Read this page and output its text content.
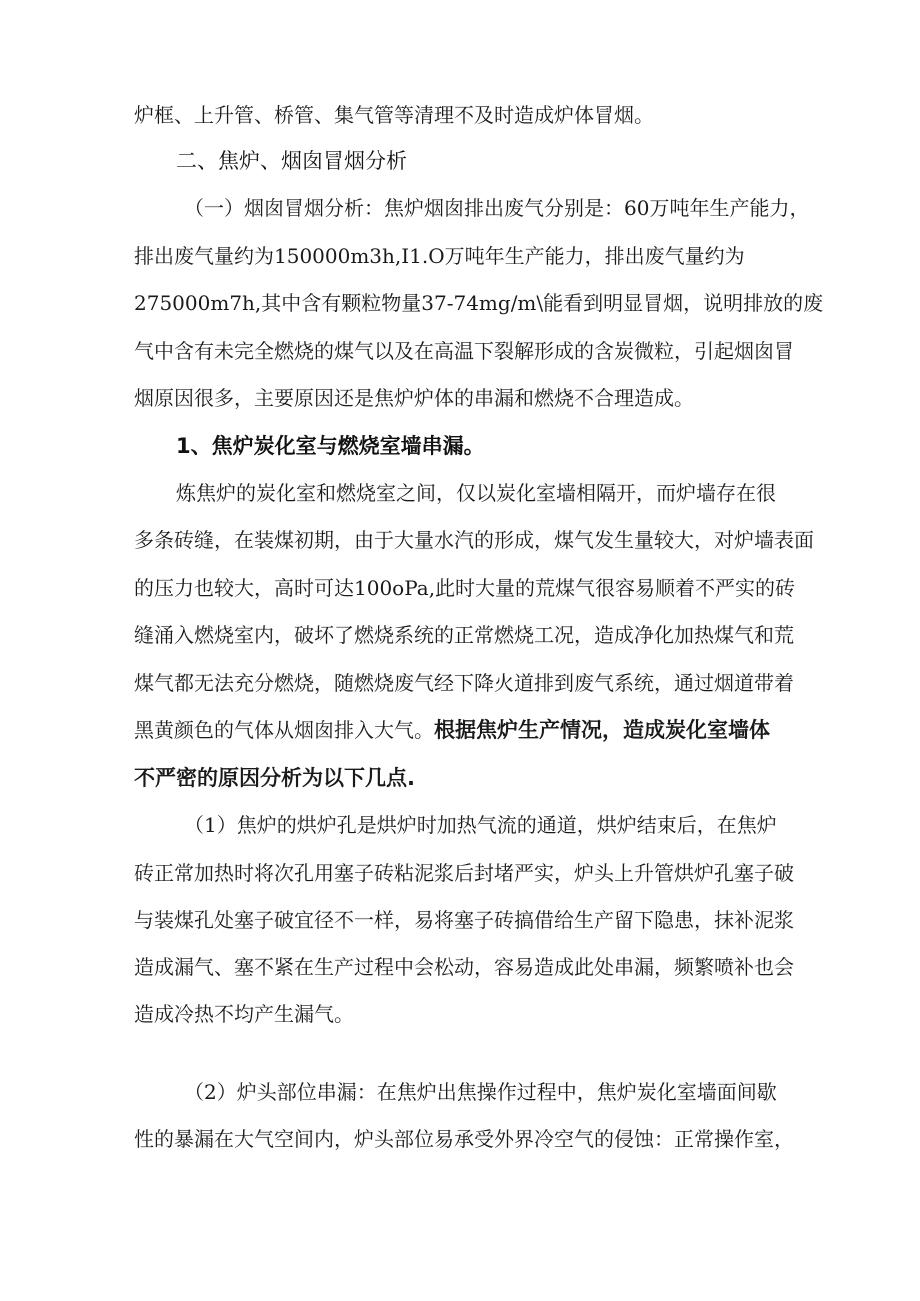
炉框、上升管、桥管、集气管等清理不及时造成炉体冒烟。
二、焦炉、烟囱冒烟分析
（一）烟囱冒烟分析：焦炉烟囱排出废气分别是：60万吨年生产能力，
排出废气量约为150000m3h,I1.O万吨年生产能力，排出废气量约为
275000m7h,其中含有颗粒物量37-74mg∕m\能看到明显冒烟，说明排放的废
气中含有未完全燃烧的煤气以及在高温下裂解形成的含炭微粒，引起烟囱冒
烟原因很多，主要原因还是焦炉炉体的串漏和燃烧不合理造成。
1、焦炉炭化室与燃烧室墙串漏。
炼焦炉的炭化室和燃烧室之间，仅以炭化室墙相隔开，而炉墙存在很
多条砖缝，在装煤初期，由于大量水汽的形成，煤气发生量较大，对炉墙表面
的压力也较大，高时可达100oPa,此时大量的荒煤气很容易顺着不严实的砖
缝涌入燃烧室内，破坏了燃烧系统的正常燃烧工况，造成净化加热煤气和荒
煤气都无法充分燃烧，随燃烧废气经下降火道排到废气系统，通过烟道带着
黑黄颜色的气体从烟囱排入大气。根据焦炉生产情况，造成炭化室墙体
不严密的原因分析为以下几点.
（1）焦炉的烘炉孔是烘炉时加热气流的通道，烘炉结束后，在焦炉
砖正常加热时将次孔用塞子砖粘泥浆后封堵严实，炉头上升管烘炉孔塞子破
与装煤孔处塞子破宜径不一样，易将塞子砖搞借给生产留下隐患，抹补泥浆
造成漏气、塞不紧在生产过程中会松动，容易造成此处串漏，频繁喷补也会
造成冷热不均产生漏气。
（2）炉头部位串漏：在焦炉出焦操作过程中，焦炉炭化室墙面间歇
性的暴漏在大气空间内，炉头部位易承受外界冷空气的侵蚀：正常操作室，
